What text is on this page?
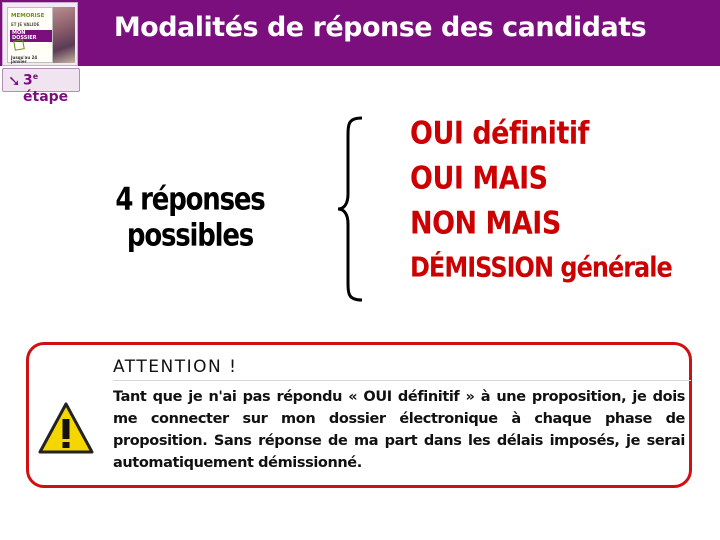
Modalités de réponse des candidats
MEMORISE
ET JE VALIDE
MON DOSSIER
Jusqu'au 24 janvier
➘ 3e étape
4 réponses possibles
OUI définitif
OUI MAIS
NON MAIS
DÉMISSION générale
ATTENTION !
Tant que je n'ai pas répondu « OUI définitif » à une proposition, je dois me connecter sur mon dossier électronique à chaque phase de proposition. Sans réponse de ma part dans les délais imposés, je serai automatiquement démissionné.
